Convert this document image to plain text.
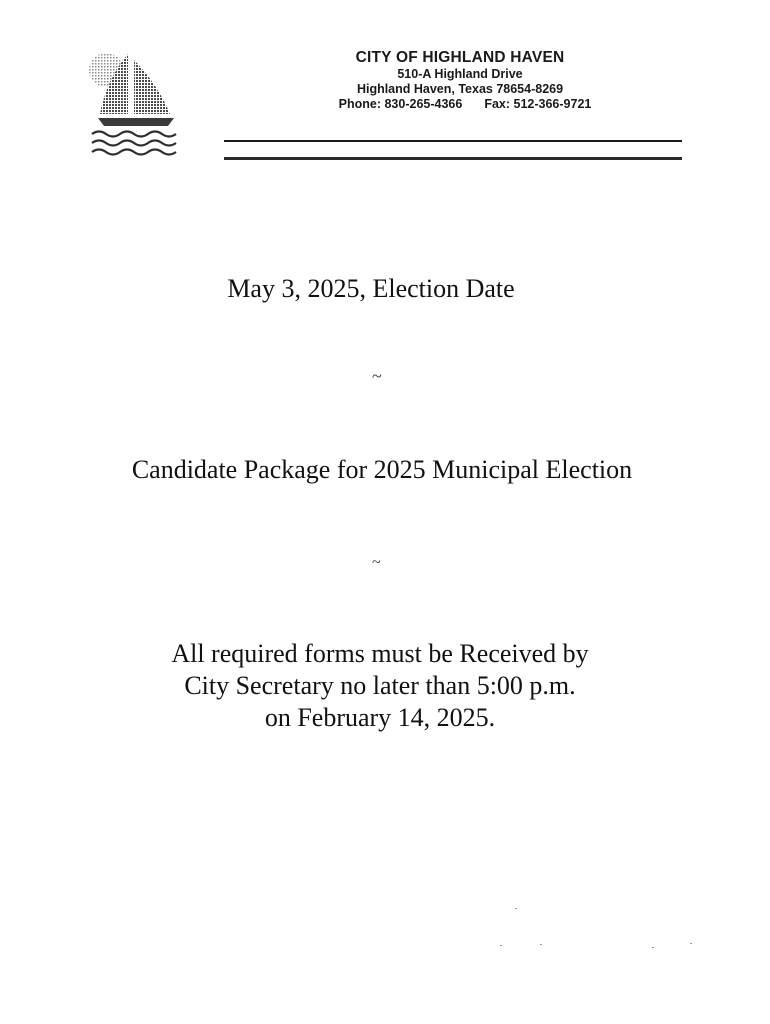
CITY OF HIGHLAND HAVEN
510-A Highland Drive
Highland Haven, Texas 78654-8269
Phone: 830-265-4366 Fax: 512-366-9721
May 3, 2025, Election Date
~
Candidate Package for 2025 Municipal Election
~
All required forms must be Received by
City Secretary no later than 5:00 p.m.
on February 14, 2025.
